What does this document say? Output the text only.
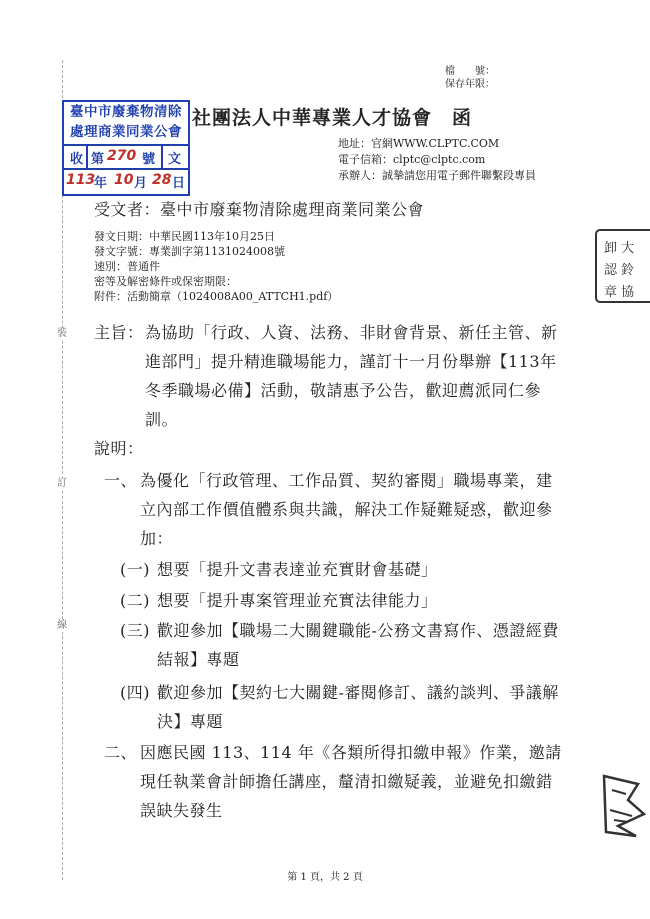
檔　　號：
保存年限：
裝
訂
線
臺中市廢棄物清除
處理商業同業公會
收 第 270 號 文
113
年 10 月 28 日
社團法人中華專業人才協會　函
地址：官網WWW.CLPTC.COM
電子信箱：clptc@clptc.com
承辦人：誠摯請您用電子郵件聯繫段專員
受文者：臺中市廢棄物清除處理商業同業公會
發文日期：中華民國113年10月25日
發文字號：專業訓字第1131024008號
速別：普通件
密等及解密條件或保密期限：
附件：活動簡章（1024008A00_ATTCH1.pdf）
主旨： 為協助「行政、人資、法務、非財會背景、新任主管、新
進部門」提升精進職場能力，謹訂十一月份舉辦【113年
冬季職場必備】活動，敬請惠予公告，歡迎薦派同仁參
訓。
說明：
一、 為優化「行政管理、工作品質、契約審閱」職場專業，建
立內部工作價值體系與共識，解決工作疑難疑惑，歡迎參
加：
(一) 想要「提升文書表達並充實財會基礎」
(二) 想要「提升專案管理並充實法律能力」
(三) 歡迎參加【職場二大關鍵職能-公務文書寫作、憑證經費
結報】專題
(四) 歡迎參加【契約七大關鍵-審閱修訂、議約談判、爭議解
決】專題
二、 因應民國 113、114 年《各類所得扣繳申報》作業，邀請
現任執業會計師擔任講座，釐清扣繳疑義，並避免扣繳錯
誤缺失發生
卸 大
認 鈴
章 協
第 1 頁，共 2 頁
